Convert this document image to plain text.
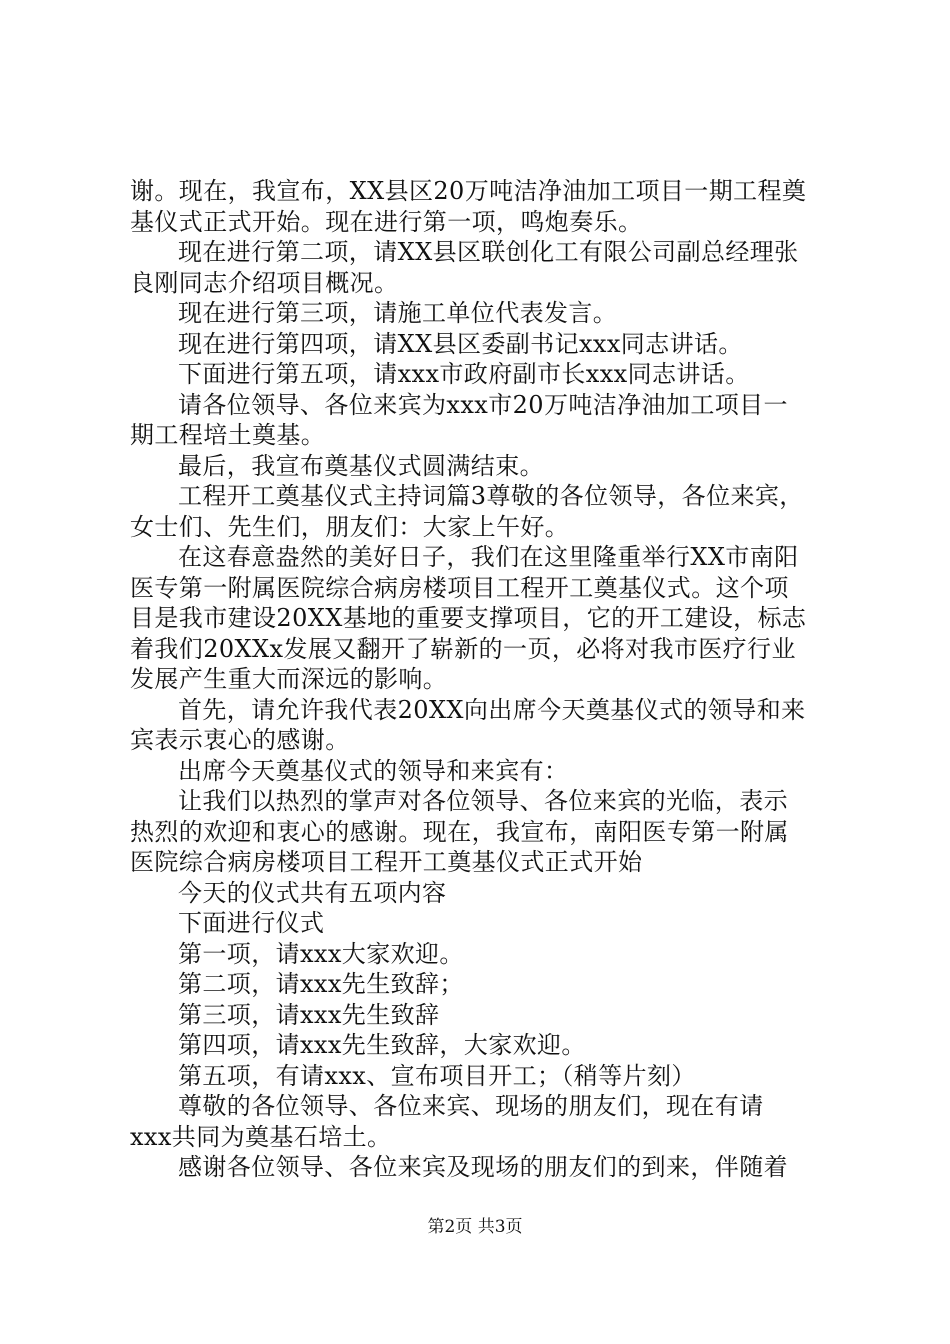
谢。现在，我宣布，XX县区20万吨洁净油加工项目一期工程奠
基仪式正式开始。现在进行第一项，鸣炮奏乐。
现在进行第二项，请XX县区联创化工有限公司副总经理张
良刚同志介绍项目概况。
现在进行第三项，请施工单位代表发言。
现在进行第四项，请XX县区委副书记xxx同志讲话。
下面进行第五项，请xxx市政府副市长xxx同志讲话。
请各位领导、各位来宾为xxx市20万吨洁净油加工项目一
期工程培土奠基。
最后，我宣布奠基仪式圆满结束。
工程开工奠基仪式主持词篇3尊敬的各位领导，各位来宾，
女士们、先生们，朋友们：大家上午好。
在这春意盎然的美好日子，我们在这里隆重举行XX市南阳
医专第一附属医院综合病房楼项目工程开工奠基仪式。这个项
目是我市建设20XX基地的重要支撑项目，它的开工建设，标志
着我们20XXx发展又翻开了崭新的一页，必将对我市医疗行业
发展产生重大而深远的影响。
首先，请允许我代表20XX向出席今天奠基仪式的领导和来
宾表示衷心的感谢。
出席今天奠基仪式的领导和来宾有：
让我们以热烈的掌声对各位领导、各位来宾的光临，表示
热烈的欢迎和衷心的感谢。现在，我宣布，南阳医专第一附属
医院综合病房楼项目工程开工奠基仪式正式开始
今天的仪式共有五项内容
下面进行仪式
第一项，请xxx大家欢迎。
第二项，请xxx先生致辞；
第三项，请xxx先生致辞
第四项，请xxx先生致辞，大家欢迎。
第五项，有请xxx、宣布项目开工；（稍等片刻）
尊敬的各位领导、各位来宾、现场的朋友们，现在有请
xxx共同为奠基石培土。
感谢各位领导、各位来宾及现场的朋友们的到来，伴随着
第2页 共3页
